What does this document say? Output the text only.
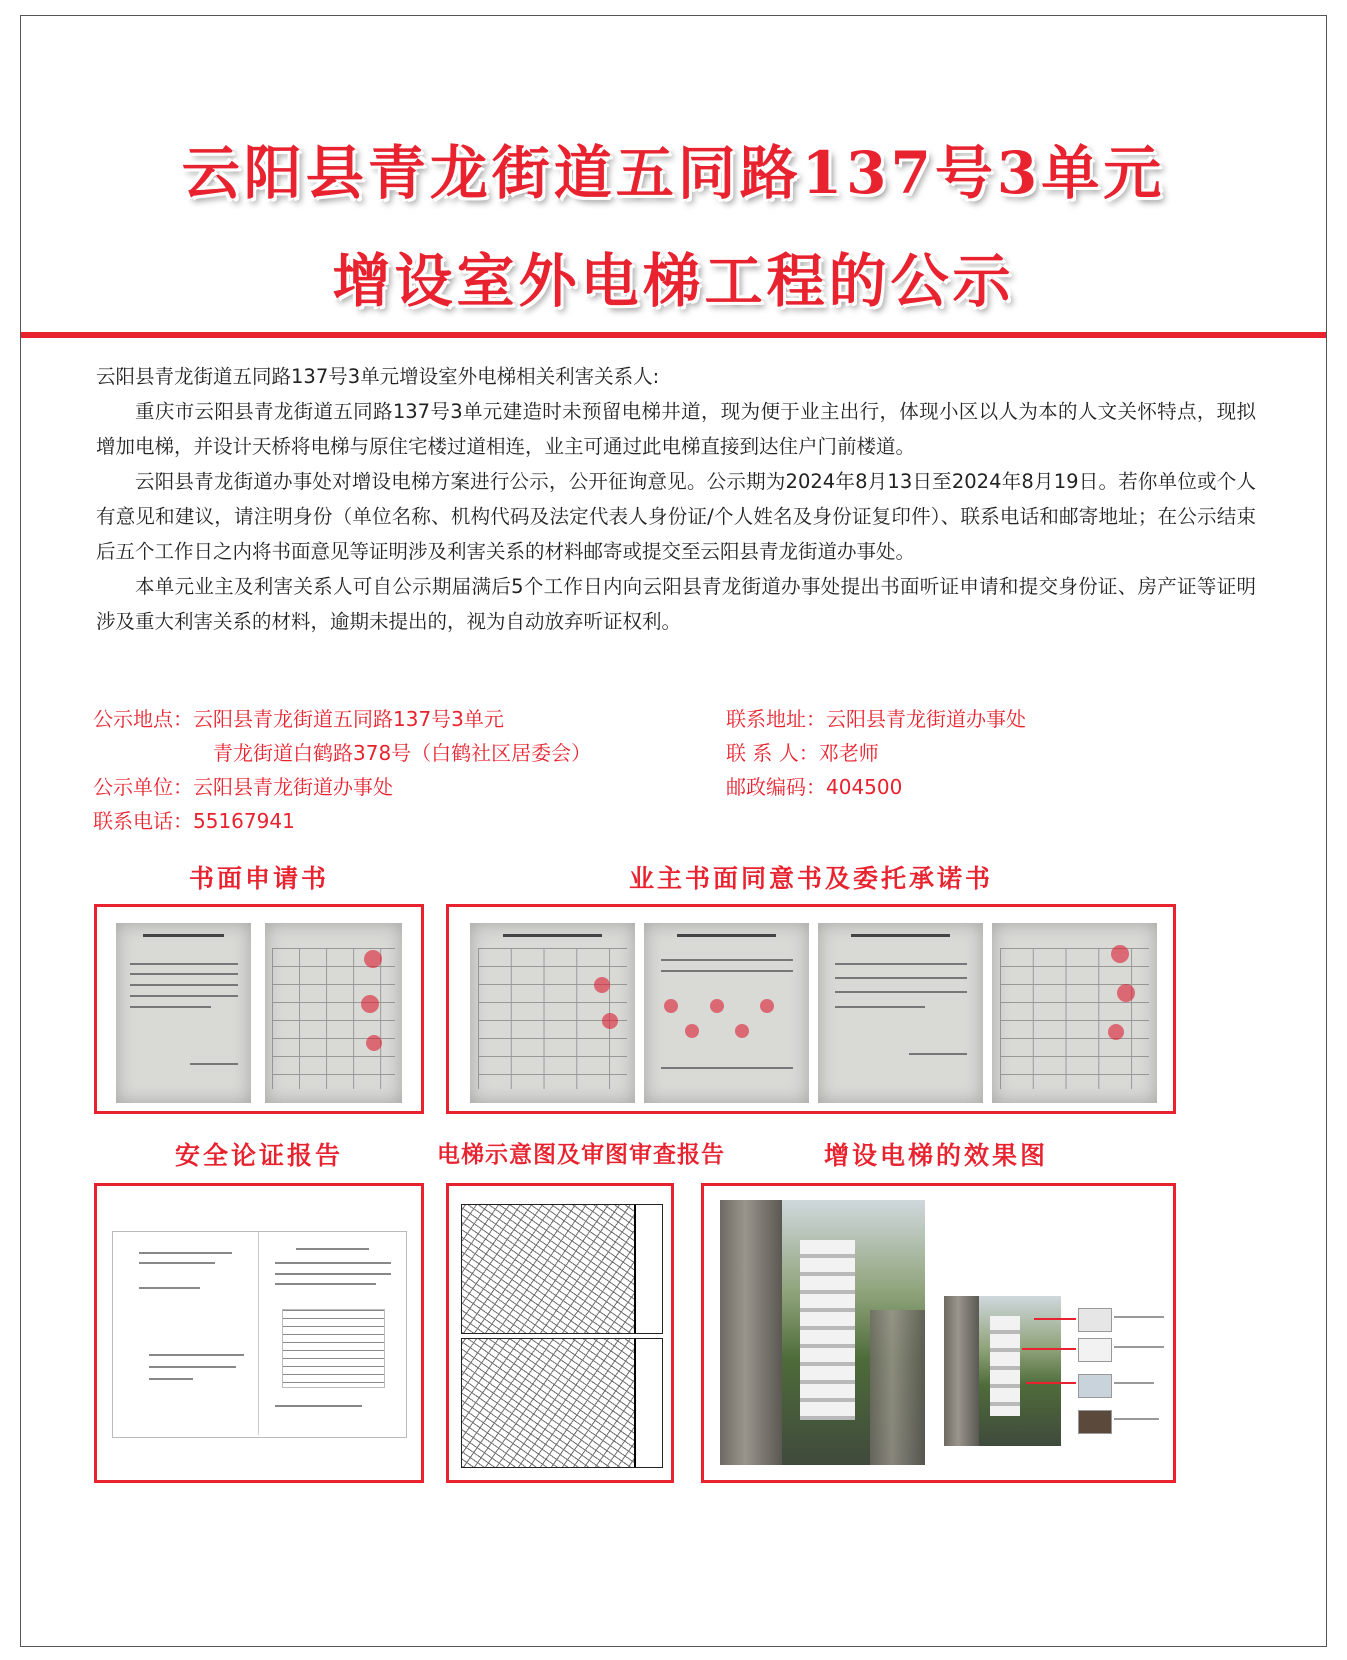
云阳县青龙街道五同路137号3单元
增设室外电梯工程的公示

云阳县青龙街道五同路137号3单元增设室外电梯相关利害关系人:

重庆市云阳县青龙街道五同路137号3单元建造时未预留电梯井道，现为便于业主出行，体现小区以人为本的人文关怀特点，现拟增加电梯，并设计天桥将电梯与原住宅楼过道相连，业主可通过此电梯直接到达住户门前楼道。

云阳县青龙街道办事处对增设电梯方案进行公示，公开征询意见。公示期为2024年8月13日至2024年8月19日。若你单位或个人有意见和建议，请注明身份（单位名称、机构代码及法定代表人身份证/个人姓名及身份证复印件）、联系电话和邮寄地址；在公示结束后五个工作日之内将书面意见等证明涉及利害关系的材料邮寄或提交至云阳县青龙街道办事处。

本单元业主及利害关系人可自公示期届满后5个工作日内向云阳县青龙街道办事处提出书面听证申请和提交身份证、房产证等证明涉及重大利害关系的材料，逾期未提出的，视为自动放弃听证权利。

公示地点：云阳县青龙街道五同路137号3单元
青龙街道白鹤路378号（白鹤社区居委会）
公示单位：云阳县青龙街道办事处
联系电话：55167941
联系地址：云阳县青龙街道办事处
联 系 人：邓老师
邮政编码：404500
书面申请书	业主书面同意书及委托承诺书
安全论证报告	电梯示意图及审图审查报告	增设电梯的效果图
